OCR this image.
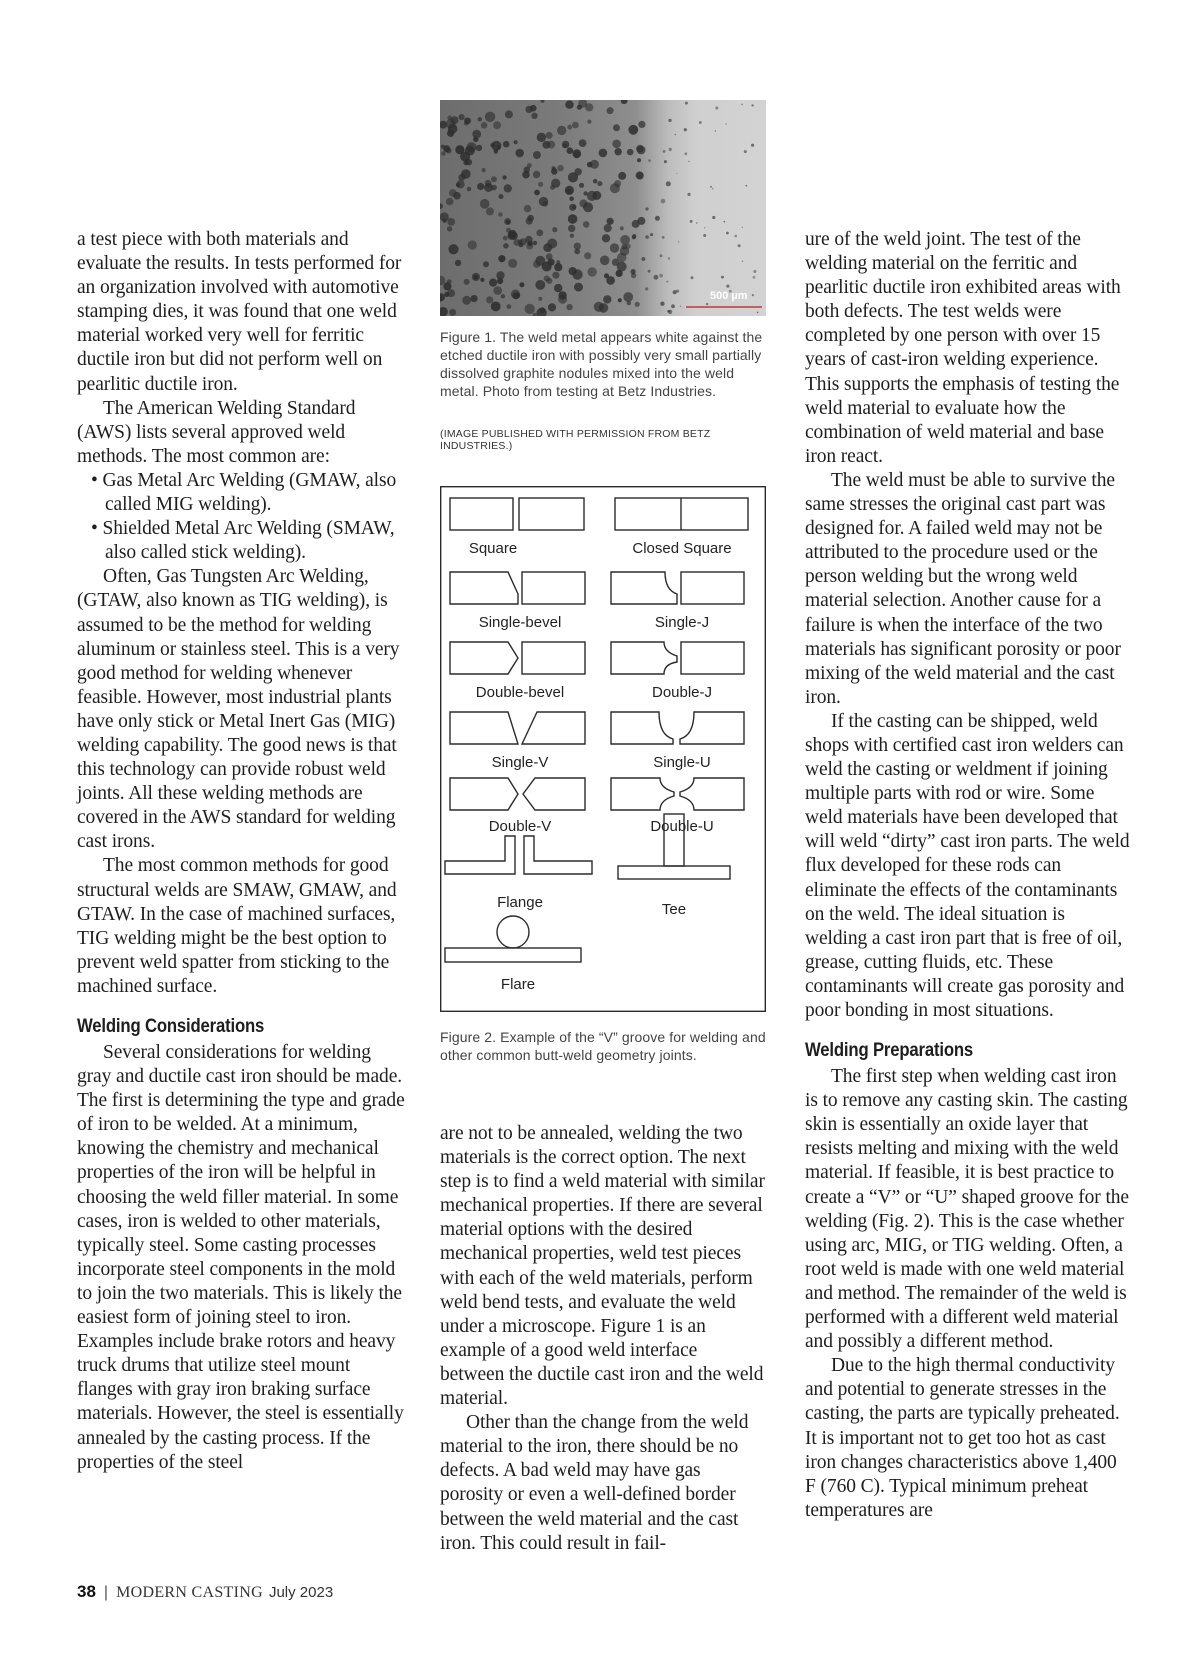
a test piece with both materials and evaluate the results. In tests performed for an organization involved with automotive stamping dies, it was found that one weld material worked very well for ferritic ductile iron but did not perform well on pearlitic ductile iron.

The American Welding Standard (AWS) lists several approved weld methods. The most common are:

• Gas Metal Arc Welding (GMAW, also called MIG welding).

• Shielded Metal Arc Welding (SMAW, also called stick welding).

Often, Gas Tungsten Arc Welding, (GTAW, also known as TIG welding), is assumed to be the method for welding aluminum or stainless steel. This is a very good method for welding whenever feasible. However, most industrial plants have only stick or Metal Inert Gas (MIG) welding capability. The good news is that this technology can provide robust weld joints. All these welding methods are covered in the AWS standard for welding cast irons.

The most common methods for good structural welds are SMAW, GMAW, and GTAW. In the case of machined surfaces, TIG welding might be the best option to prevent weld spatter from sticking to the machined surface.

Welding Considerations

Several considerations for welding gray and ductile cast iron should be made. The first is determining the type and grade of iron to be welded. At a minimum, knowing the chemistry and mechanical properties of the iron will be helpful in choosing the weld filler material. In some cases, iron is welded to other materials, typically steel. Some casting processes incorporate steel components in the mold to join the two materials. This is likely the easiest form of joining steel to iron. Examples include brake rotors and heavy truck drums that utilize steel mount flanges with gray iron braking surface materials. However, the steel is essentially annealed by the casting process. If the properties of the steel

500 µm
Figure 1. The weld metal appears white against the etched ductile iron with possibly very small partially dissolved graphite nodules mixed into the weld metal. Photo from testing at Betz Industries.
(IMAGE PUBLISHED WITH PERMISSION FROM BETZ INDUSTRIES.)
Square	Closed Square
Single-bevel	Single-J
Double-bevel	Double-J
Single-V	Single-U
Double-V	Double-U
Flange	Tee
Flare
Figure 2. Example of the “V” groove for welding and other common butt-weld geometry joints.

are not to be annealed, welding the two materials is the correct option. The next step is to find a weld material with similar mechanical properties. If there are several material options with the desired mechanical properties, weld test pieces with each of the weld materials, perform weld bend tests, and evaluate the weld under a microscope. Figure 1 is an example of a good weld interface between the ductile cast iron and the weld material.

Other than the change from the weld material to the iron, there should be no defects. A bad weld may have gas porosity or even a well-defined border between the weld material and the cast iron. This could result in fail-

ure of the weld joint. The test of the welding material on the ferritic and pearlitic ductile iron exhibited areas with both defects. The test welds were completed by one person with over 15 years of cast-iron welding experience. This supports the emphasis of testing the weld material to evaluate how the combination of weld material and base iron react.

The weld must be able to survive the same stresses the original cast part was designed for. A failed weld may not be attributed to the procedure used or the person welding but the wrong weld material selection. Another cause for a failure is when the interface of the two materials has significant porosity or poor mixing of the weld material and the cast iron.

If the casting can be shipped, weld shops with certified cast iron welders can weld the casting or weldment if joining multiple parts with rod or wire. Some weld materials have been developed that will weld “dirty” cast iron parts. The weld flux developed for these rods can eliminate the effects of the contaminants on the weld. The ideal situation is welding a cast iron part that is free of oil, grease, cutting fluids, etc. These contaminants will create gas porosity and poor bonding in most situations.

Welding Preparations

The first step when welding cast iron is to remove any casting skin. The casting skin is essentially an oxide layer that resists melting and mixing with the weld material. If feasible, it is best practice to create a “V” or “U” shaped groove for the welding (Fig. 2). This is the case whether using arc, MIG, or TIG welding. Often, a root weld is made with one weld material and method. The remainder of the weld is performed with a different weld material and possibly a different method.

Due to the high thermal conductivity and potential to generate stresses in the casting, the parts are typically preheated. It is important not to get too hot as cast iron changes characteristics above 1,400 F (760 C). Typical minimum preheat temperatures are

38 | MODERN CASTING July 2023
